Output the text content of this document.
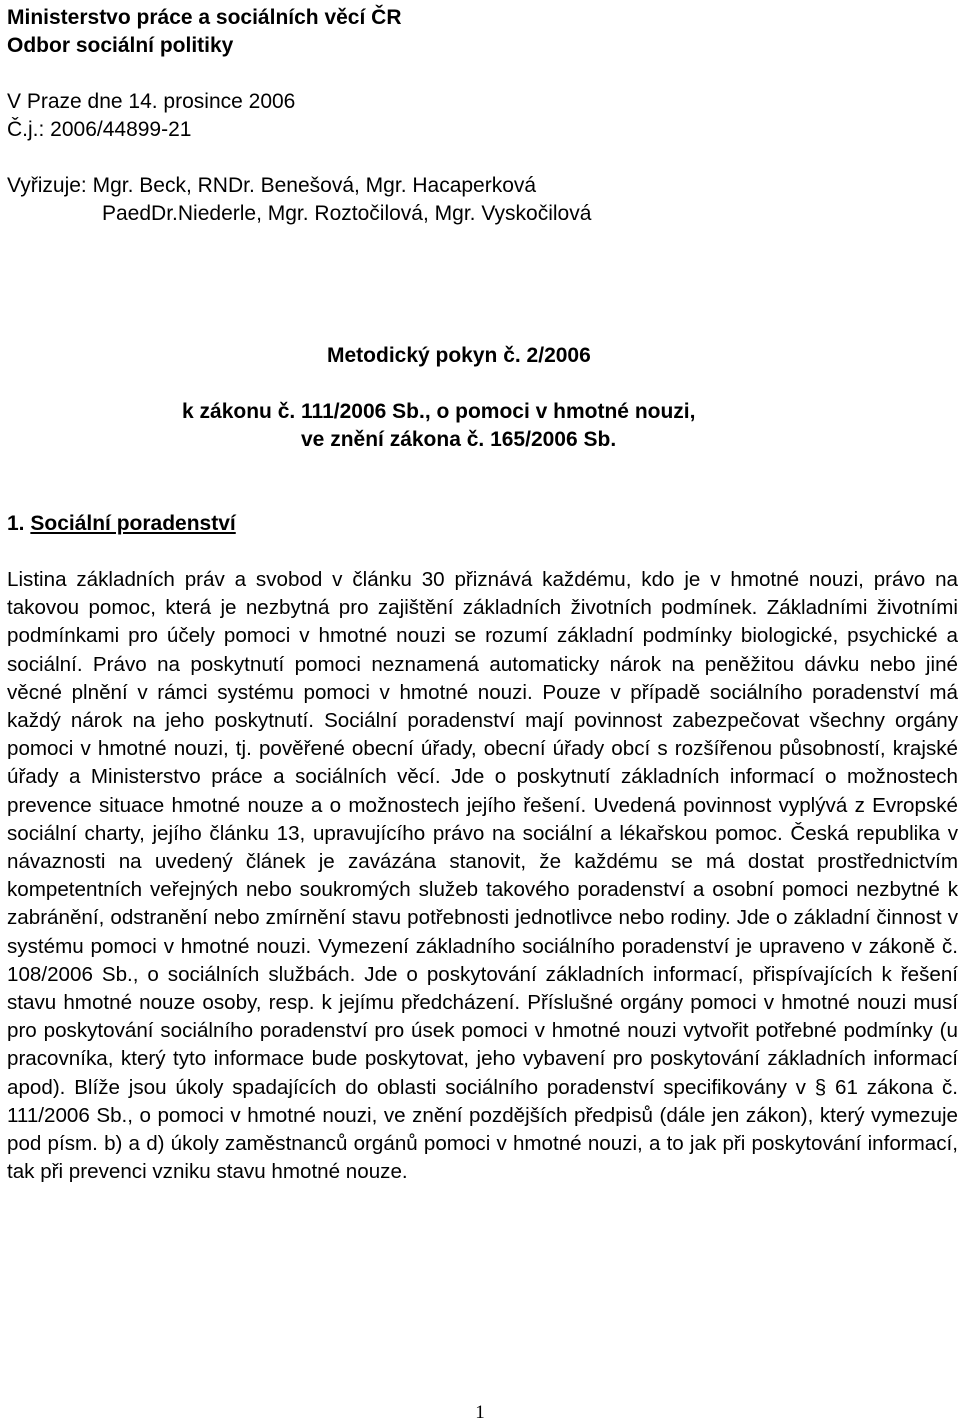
Ministerstvo práce a sociálních věcí ČR
Odbor sociální politiky
V Praze dne 14. prosince 2006
Č.j.: 2006/44899-21
Vyřizuje: Mgr. Beck, RNDr. Benešová, Mgr. Hacaperková
PaedDr.Niederle, Mgr. Roztočilová, Mgr. Vyskočilová
Metodický pokyn č. 2/2006
k zákonu č. 111/2006 Sb., o pomoci v hmotné nouzi,
ve znění zákona č. 165/2006 Sb.
1. Sociální poradenství
Listina základních práv a svobod v článku 30 přiznává každému, kdo je v hmotné nouzi, právo na takovou pomoc, která je nezbytná pro zajištění základních životních podmínek. Základními životními podmínkami pro účely pomoci v hmotné nouzi se rozumí základní podmínky biologické, psychické a sociální. Právo na poskytnutí pomoci neznamená automaticky nárok na peněžitou dávku nebo jiné věcné plnění v rámci systému pomoci v hmotné nouzi. Pouze v případě sociálního poradenství má každý nárok na jeho poskytnutí. Sociální poradenství mají povinnost zabezpečovat všechny orgány pomoci v hmotné nouzi, tj. pověřené obecní úřady, obecní úřady obcí s rozšířenou působností, krajské úřady a Ministerstvo práce a sociálních věcí. Jde o poskytnutí základních informací o možnostech prevence situace hmotné nouze a o možnostech jejího řešení. Uvedená povinnost vyplývá z Evropské sociální charty, jejího článku 13, upravujícího právo na sociální a lékařskou pomoc. Česká republika v návaznosti na uvedený článek je zavázána stanovit, že každému se má dostat prostřednictvím kompetentních veřejných nebo soukromých služeb takového poradenství a osobní pomoci nezbytné k zabránění, odstranění nebo zmírnění stavu potřebnosti jednotlivce nebo rodiny. Jde o základní činnost v systému pomoci v hmotné nouzi. Vymezení základního sociálního poradenství je upraveno v zákoně č. 108/2006 Sb., o sociálních službách. Jde o poskytování základních informací, přispívajících k řešení stavu hmotné nouze osoby, resp. k jejímu předcházení. Příslušné orgány pomoci v hmotné nouzi musí pro poskytování sociálního poradenství pro úsek pomoci v hmotné nouzi vytvořit potřebné podmínky (u pracovníka, který tyto informace bude poskytovat, jeho vybavení pro poskytování základních informací apod). Blíže jsou úkoly spadajících do oblasti sociálního poradenství specifikovány v § 61 zákona č. 111/2006 Sb., o pomoci v hmotné nouzi, ve znění pozdějších předpisů (dále jen zákon), který vymezuje pod písm. b) a d) úkoly zaměstnanců orgánů pomoci v hmotné nouzi, a to jak při poskytování informací, tak při prevenci vzniku stavu hmotné nouze.
1
